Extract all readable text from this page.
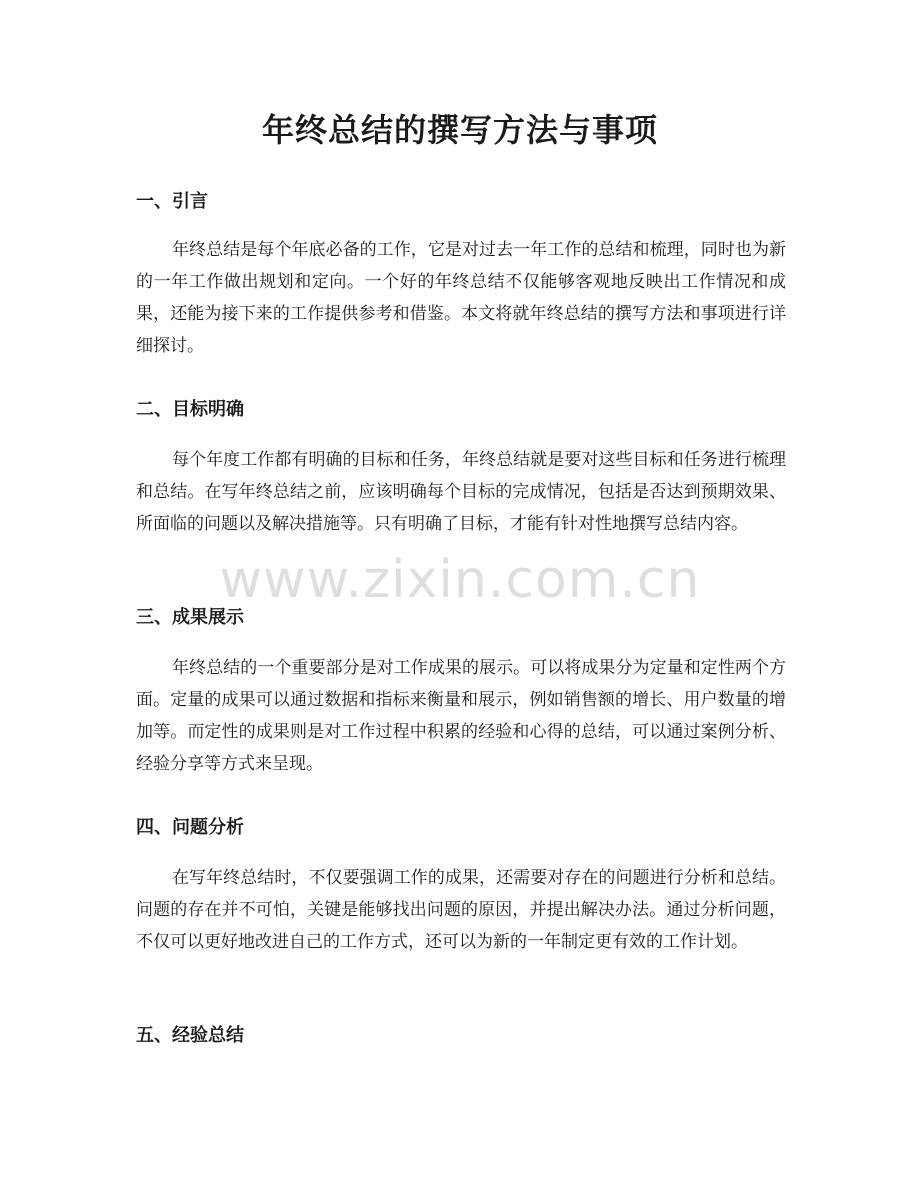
年终总结的撰写方法与事项
一、引言

年终总结是每个年底必备的工作，它是对过去一年工作的总结和梳理，同时也为新的一年工作做出规划和定向。一个好的年终总结不仅能够客观地反映出工作情况和成果，还能为接下来的工作提供参考和借鉴。本文将就年终总结的撰写方法和事项进行详细探讨。

二、目标明确

每个年度工作都有明确的目标和任务，年终总结就是要对这些目标和任务进行梳理和总结。在写年终总结之前，应该明确每个目标的完成情况，包括是否达到预期效果、所面临的问题以及解决措施等。只有明确了目标，才能有针对性地撰写总结内容。

三、成果展示

年终总结的一个重要部分是对工作成果的展示。可以将成果分为定量和定性两个方面。定量的成果可以通过数据和指标来衡量和展示，例如销售额的增长、用户数量的增加等。而定性的成果则是对工作过程中积累的经验和心得的总结，可以通过案例分析、经验分享等方式来呈现。

四、问题分析

在写年终总结时，不仅要强调工作的成果，还需要对存在的问题进行分析和总结。问题的存在并不可怕，关键是能够找出问题的原因，并提出解决办法。通过分析问题，不仅可以更好地改进自己的工作方式，还可以为新的一年制定更有效的工作计划。

五、经验总结
www.zixin.com.cn
